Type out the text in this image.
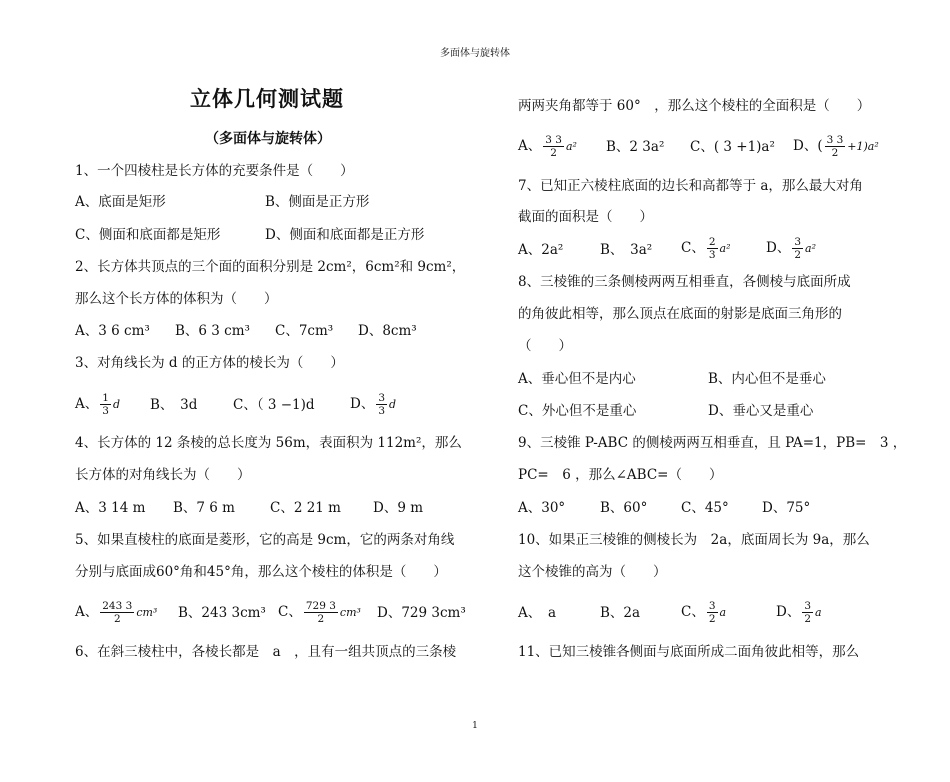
多面体与旋转体
立体几何测试题
（多面体与旋转体）
1、一个四棱柱是长方体的充要条件是（　　）
A、底面是矩形	B、侧面是正方形
C、侧面和底面都是矩形	D、侧面和底面都是正方形
2、长方体共顶点的三个面的面积分别是 2cm²，6cm²和 9cm²，
那么这个长方体的体积为（　　）
A、3 6 cm³ B、6 3 cm³ C、7cm³ D、8cm³
3、对角线长为 d 的正方体的棱长为（　　）
A、 $\frac{1}{3}$ d B、　3d	C、（ 3 −1)d	D、 $\frac{3}{3}$ d
4、长方体的 12 条棱的总长度为 56m，表面积为 112m²，那么
长方体的对角线长为（　　）
A、3 14 m B、7 6 m	C、2 21 m D、9 m
5、如果直棱柱的底面是菱形，它的高是 9cm，它的两条对角线
分别与底面成60°角和45°角，那么这个棱柱的体积是（　　）
A、 $\frac{243 3}{2} cm^3$ B、243 3cm³ C、 $\frac{729 3}{2} cm^3$ D、729 3cm³
6、在斜三棱柱中，各棱长都是　a　，且有一组共顶点的三条棱
两两夹角都等于 60°　，那么这个棱柱的全面积是（　　）
A、 $\frac{3 3}{2} a^2$ B、2 3a² C、( 3 +1)a² D、( $\frac{3 3}{2} +1)a^2$
7、已知正六棱柱底面的边长和高都等于 a，那么最大对角
截面的面积是（　　）
A、2a²	B、　3a² C、 $\frac{2}{3} a^2$	D、 $\frac{3}{2} a^2$
8、三棱锥的三条侧棱两两互相垂直，各侧棱与底面所成
的角彼此相等，那么顶点在底面的射影是底面三角形的
（　　）
A、垂心但不是内心	B、内心但不是垂心
C、外心但不是重心	D、垂心又是重心
9、三棱锥 P-ABC 的侧棱两两互相垂直，且 PA=1，PB=　3 ，
PC=　6 ，那么∠ABC=（　　）
A、30°	B、60° C、45° D、75°
10、如果正三棱锥的侧棱长为　2a，底面周长为 9a，那么
这个棱锥的高为（　　）
A、　a	B、2a	C、 $\frac{3}{2}$ a	D、 $\frac{3}{2}$ a
11、已知三棱锥各侧面与底面所成二面角彼此相等，那么
1
